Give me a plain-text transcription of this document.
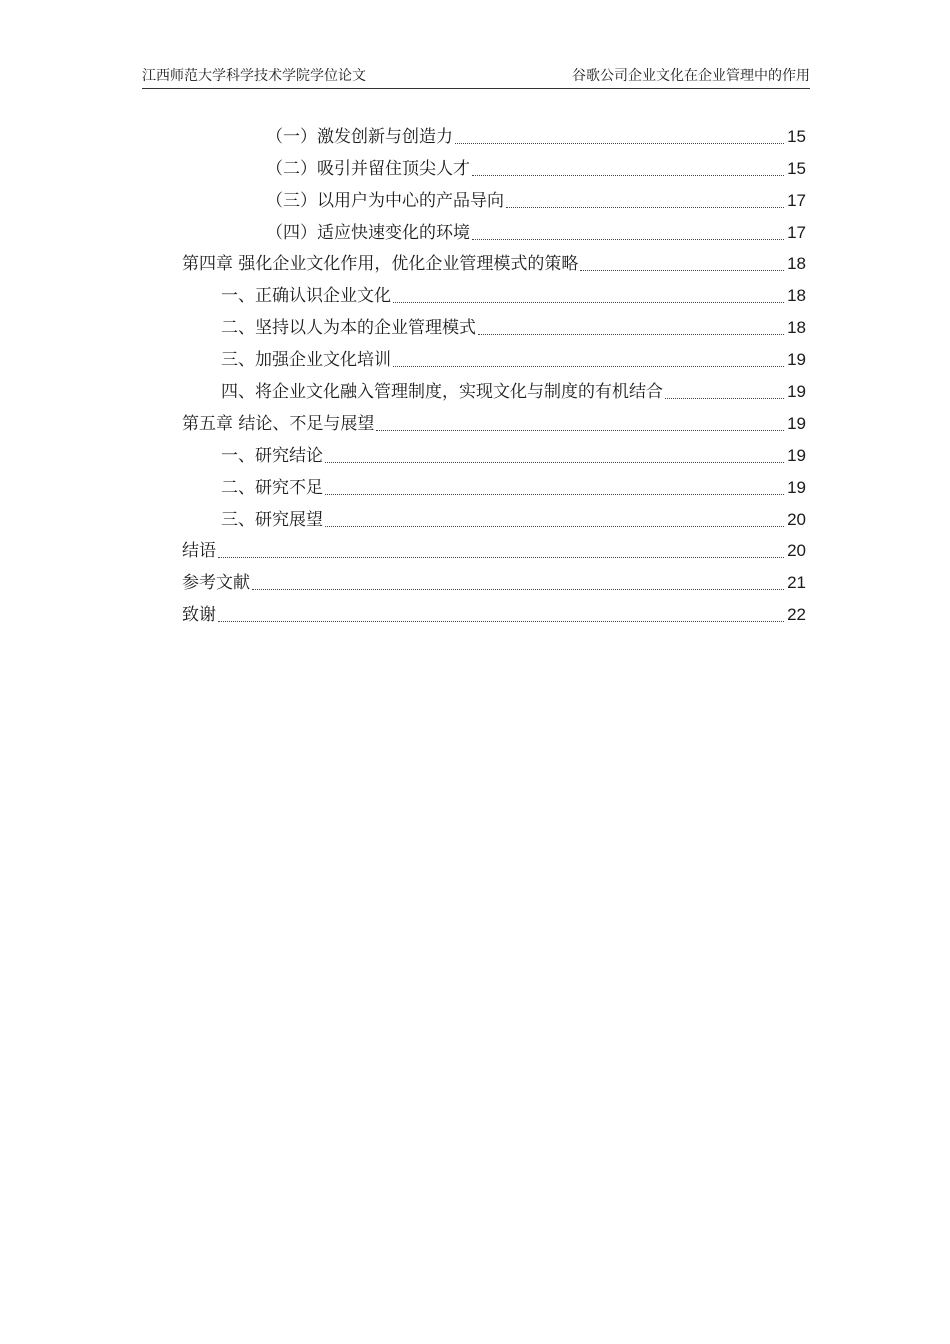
江西师范大学科学技术学院学位论文	谷歌公司企业文化在企业管理中的作用
（一）激发创新与创造力	15
（二）吸引并留住顶尖人才	15
（三）以用户为中心的产品导向	17
（四）适应快速变化的环境	17
第四章 强化企业文化作用，优化企业管理模式的策略	18
一、正确认识企业文化	18
二、坚持以人为本的企业管理模式	18
三、加强企业文化培训	19
四、将企业文化融入管理制度，实现文化与制度的有机结合	19
第五章 结论、不足与展望	19
一、研究结论	19
二、研究不足	19
三、研究展望	20
结语	20
参考文献	21
致谢	22
